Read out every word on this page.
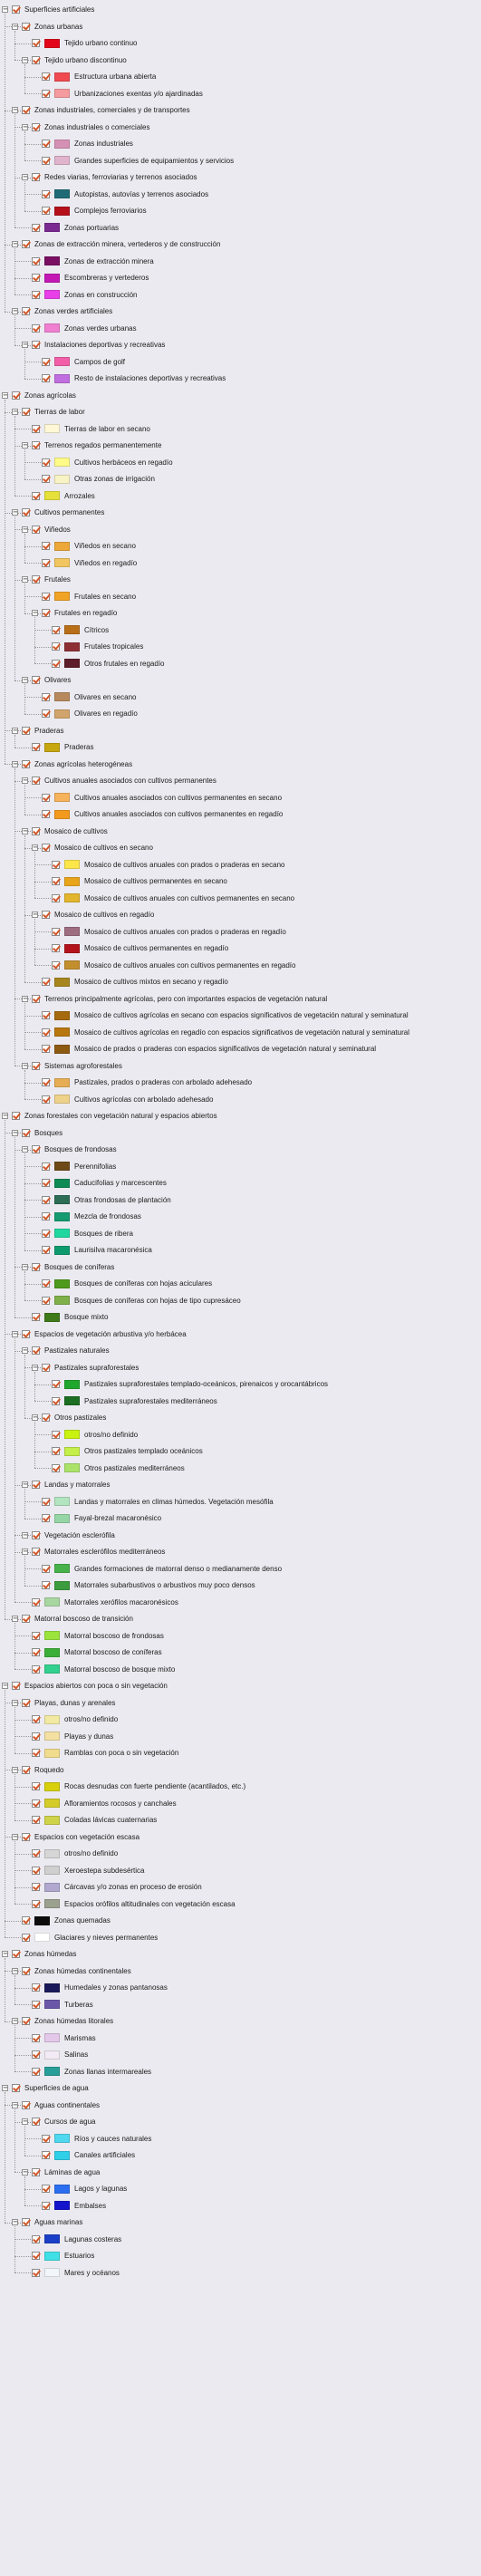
− Superficies artificiales
− Zonas urbanas
Tejido urbano continuo
− Tejido urbano discontinuo
Estructura urbana abierta
Urbanizaciones exentas y/o ajardinadas
− Zonas industriales, comerciales y de transportes
− Zonas industriales o comerciales
Zonas industriales
Grandes superficies de equipamientos y servicios
− Redes viarias, ferroviarias y terrenos asociados
Autopistas, autovías y terrenos asociados
Complejos ferroviarios
Zonas portuarias
− Zonas de extracción minera, vertederos y de construcción
Zonas de extracción minera
Escombreras y vertederos
Zonas en construcción
− Zonas verdes artificiales
Zonas verdes urbanas
− Instalaciones deportivas y recreativas
Campos de golf
Resto de instalaciones deportivas y recreativas
− Zonas agrícolas
− Tierras de labor
Tierras de labor en secano
− Terrenos regados permanentemente
Cultivos herbáceos en regadío
Otras zonas de irrigación
Arrozales
− Cultivos permanentes
− Viñedos
Viñedos en secano
Viñedos en regadío
− Frutales
Frutales en secano
− Frutales en regadío
Cítricos
Frutales tropicales
Otros frutales en regadío
− Olivares
Olivares en secano
Olivares en regadío
− Praderas
Praderas
− Zonas agrícolas heterogéneas
− Cultivos anuales asociados con cultivos permanentes
Cultivos anuales asociados con cultivos permanentes en secano
Cultivos anuales asociados con cultivos permanentes en regadío
− Mosaico de cultivos
− Mosaico de cultivos en secano
Mosaico de cultivos anuales con prados o praderas en secano
Mosaico de cultivos permanentes en secano
Mosaico de cultivos anuales con cultivos permanentes en secano
− Mosaico de cultivos en regadío
Mosaico de cultivos anuales con prados o praderas en regadío
Mosaico de cultivos permanentes en regadío
Mosaico de cultivos anuales con cultivos permanentes en regadío
Mosaico de cultivos mixtos en secano y regadío
− Terrenos principalmente agrícolas, pero con importantes espacios de vegetación natural
Mosaico de cultivos agrícolas en secano con espacios significativos de vegetación natural y seminatural
Mosaico de cultivos agrícolas en regadío con espacios significativos de vegetación natural y seminatural
Mosaico de prados o praderas con espacios significativos de vegetación natural y seminatural
− Sistemas agroforestales
Pastizales, prados o praderas con arbolado adehesado
Cultivos agrícolas con arbolado adehesado
− Zonas forestales con vegetación natural y espacios abiertos
− Bosques
− Bosques de frondosas
Perennifolias
Caducifolias y marcescentes
Otras frondosas de plantación
Mezcla de frondosas
Bosques de ribera
Laurisilva macaronésica
− Bosques de coníferas
Bosques de coníferas con hojas aciculares
Bosques de coníferas con hojas de tipo cupresáceo
Bosque mixto
− Espacios de vegetación arbustiva y/o herbácea
− Pastizales naturales
− Pastizales supraforestales
Pastizales supraforestales templado-oceánicos, pirenaicos y orocantábricos
Pastizales supraforestales mediterráneos
− Otros pastizales
otros/no definido
Otros pastizales templado oceánicos
Otros pastizales mediterráneos
− Landas y matorrales
Landas y matorrales en climas húmedos. Vegetación mesófila
Fayal-brezal macaronésico
− Vegetación esclerófila
− Matorrales esclerófilos mediterráneos
Grandes formaciones de matorral denso o medianamente denso
Matorrales subarbustivos o arbustivos muy poco densos
Matorrales xerófilos macaronésicos
− Matorral boscoso de transición
Matorral boscoso de frondosas
Matorral boscoso de coníferas
Matorral boscoso de bosque mixto
− Espacios abiertos con poca o sin vegetación
− Playas, dunas y arenales
otros/no definido
Playas y dunas
Ramblas con poca o sin vegetación
− Roquedo
Rocas desnudas con fuerte pendiente (acantilados, etc.)
Afloramientos rocosos y canchales
Coladas lávicas cuaternarias
− Espacios con vegetación escasa
otros/no definido
Xeroestepa subdesértica
Cárcavas y/o zonas en proceso de erosión
Espacios orófilos altitudinales con vegetación escasa
Zonas quemadas
Glaciares y nieves permanentes
− Zonas húmedas
− Zonas húmedas continentales
Humedales y zonas pantanosas
Turberas
− Zonas húmedas litorales
Marismas
Salinas
Zonas llanas intermareales
− Superficies de agua
− Aguas continentales
− Cursos de agua
Ríos y cauces naturales
Canales artificiales
− Láminas de agua
Lagos y lagunas
Embalses
− Aguas marinas
Lagunas costeras
Estuarios
Mares y océanos
